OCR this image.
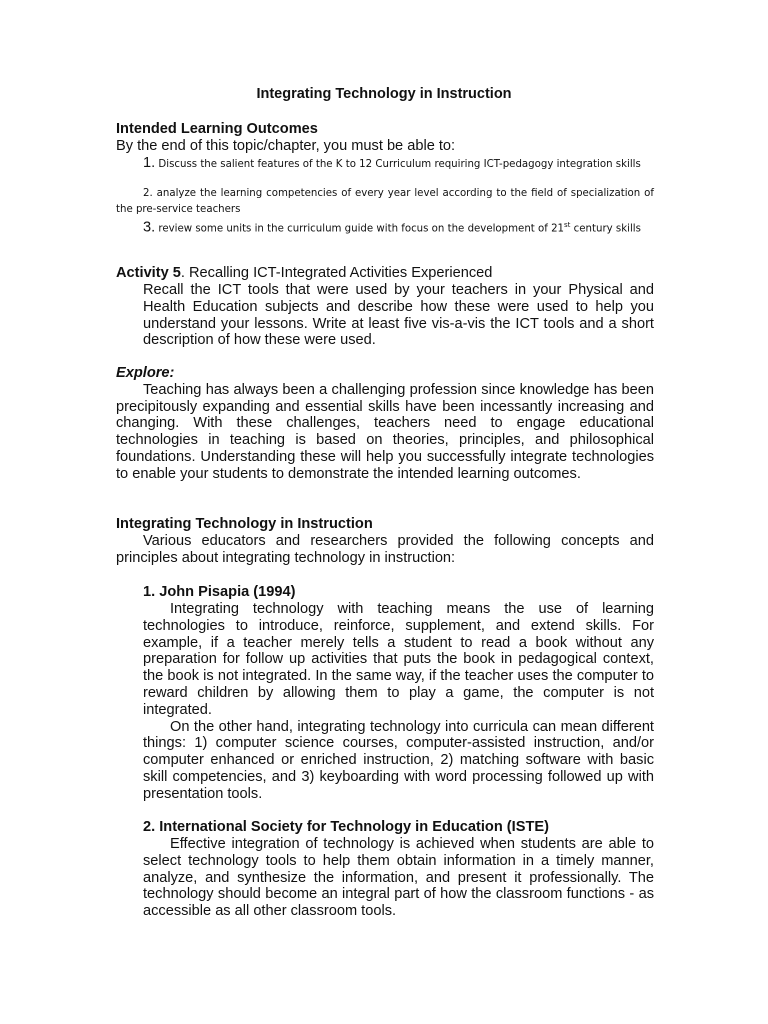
Integrating Technology in Instruction

Intended Learning Outcomes

By the end of this topic/chapter, you must be able to:

1. Discuss the salient features of the K to 12 Curriculum requiring ICT-pedagogy integration skills

2. analyze the learning competencies of every year level according to the field of specialization of the pre-service teachers

3. review some units in the curriculum guide with focus on the development of 21st century skills

Activity 5. Recalling ICT-Integrated Activities Experienced

Recall the ICT tools that were used by your teachers in your Physical and Health Education subjects and describe how these were used to help you understand your lessons. Write at least five vis-a-vis the ICT tools and a short description of how these were used.

Explore:

Teaching has always been a challenging profession since knowledge has been precipitously expanding and essential skills have been incessantly increasing and changing. With these challenges, teachers need to engage educational technologies in teaching is based on theories, principles, and philosophical foundations. Understanding these will help you successfully integrate technologies to enable your students to demonstrate the intended learning outcomes.

Integrating Technology in Instruction

Various educators and researchers provided the following concepts and principles about integrating technology in instruction:

1. John Pisapia (1994)

Integrating technology with teaching means the use of learning technologies to introduce, reinforce, supplement, and extend skills. For example, if a teacher merely tells a student to read a book without any preparation for follow up activities that puts the book in pedagogical context, the book is not integrated. In the same way, if the teacher uses the computer to reward children by allowing them to play a game, the computer is not integrated.

On the other hand, integrating technology into curricula can mean different things: 1) computer science courses, computer-assisted instruction, and/or computer enhanced or enriched instruction, 2) matching software with basic skill competencies, and 3) keyboarding with word processing followed up with presentation tools.

2. International Society for Technology in Education (ISTE)

Effective integration of technology is achieved when students are able to select technology tools to help them obtain information in a timely manner, analyze, and synthesize the information, and present it professionally. The technology should become an integral part of how the classroom functions - as accessible as all other classroom tools.
